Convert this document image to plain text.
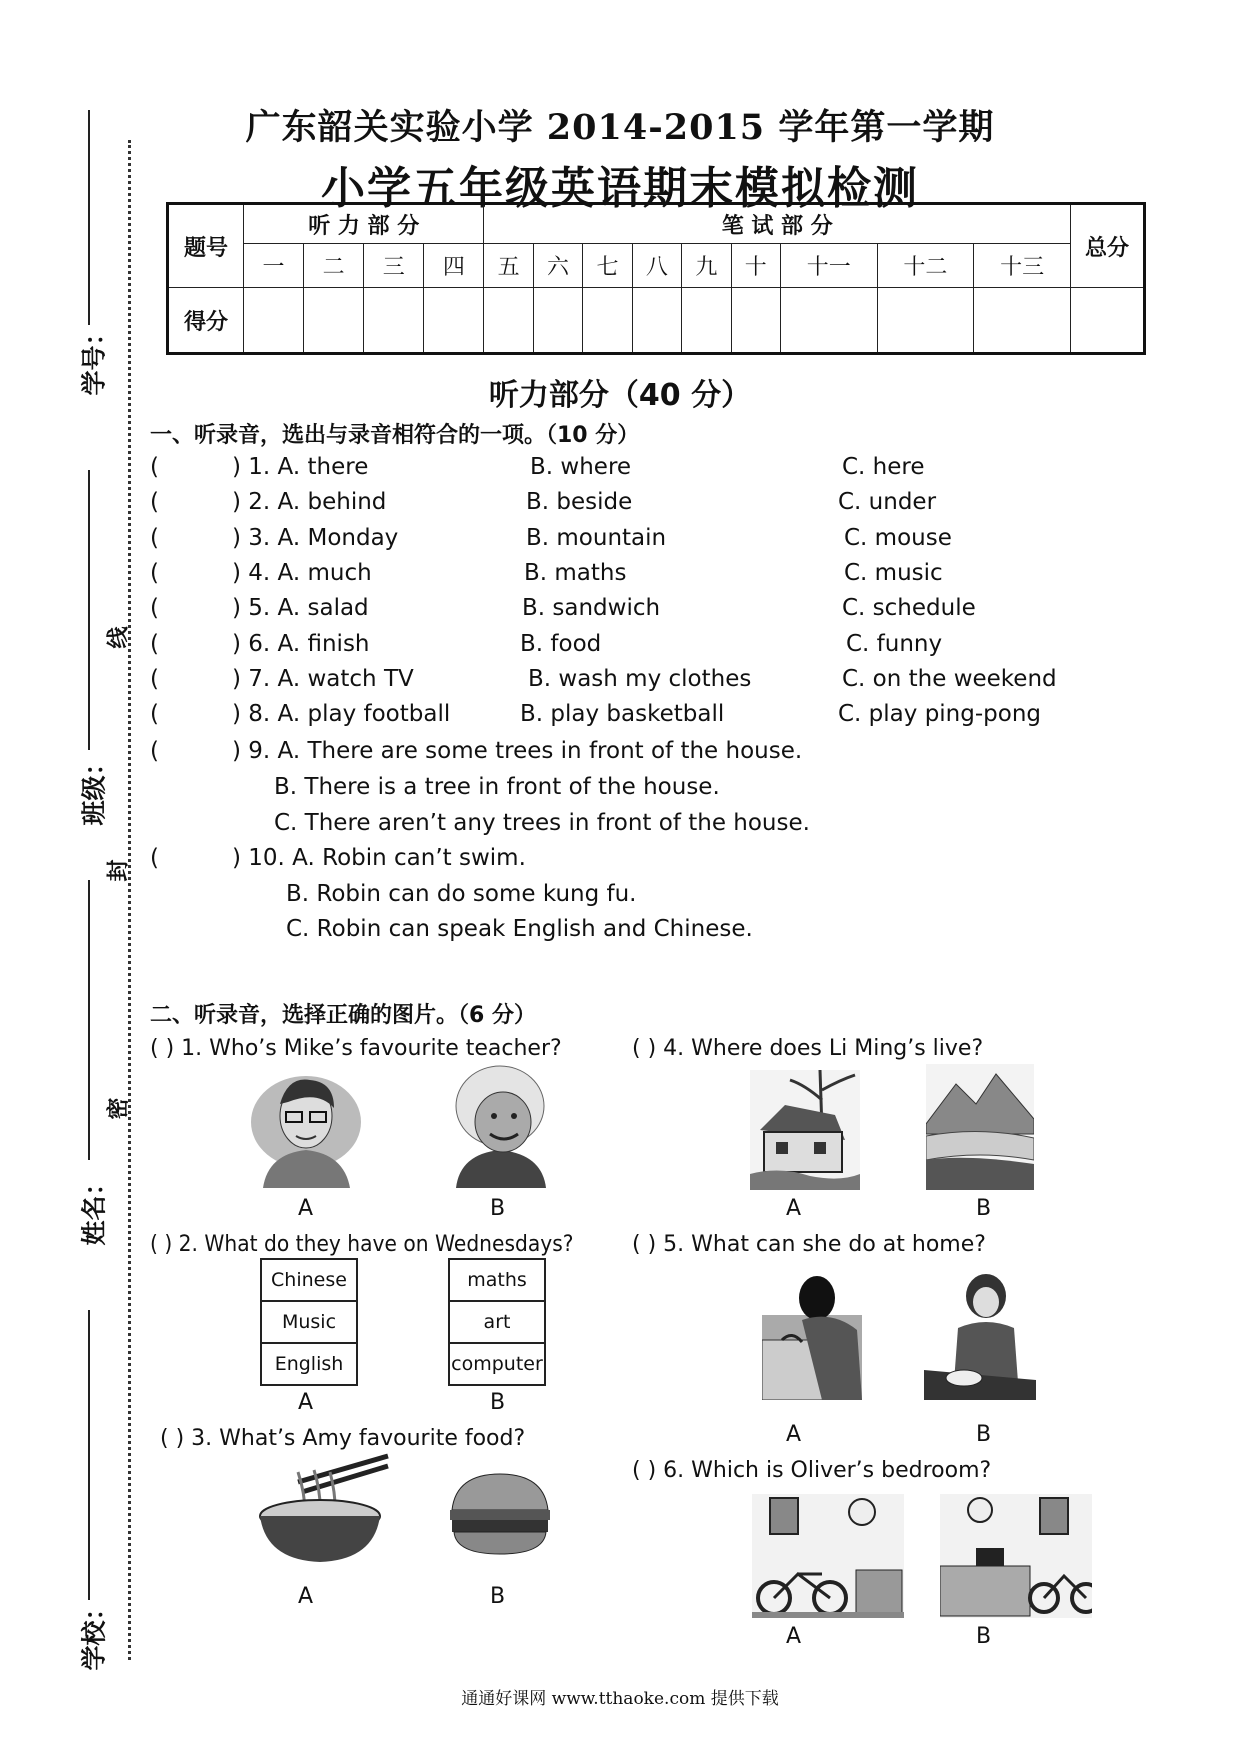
广东韶关实验小学 2014-2015 学年第一学期
小学五年级英语期末模拟检测
学号：
班级：
姓名：
学校：
线
封
密
题号	听 力 部 分				笔 试 部 分									总分
	一	二	三	四	五	六	七	八	九	十	十一	十二	十三	
得分														
听力部分（40 分）
一、听录音，选出与录音相符合的一项。（10 分）
(	) 1. A. there	B. where	C. here
(	) 2. A. behind	B. beside	C. under
(	) 3. A. Monday	B. mountain	C. mouse
(	) 4. A. much	B. maths	C. music
(	) 5. A. salad	B. sandwich	C. schedule
(	) 6. A. finish	B. food	C. funny
(	) 7. A. watch TV	B. wash my clothes	C. on the weekend
(	) 8. A. play football	B. play basketball	C. play ping-pong
(	) 9. A. There are some trees in front of the house.
B. There is a tree in front of the house.
C. There aren’t any trees in front of the house.
(	) 10. A. Robin can’t swim.
B. Robin can do some kung fu.
C. Robin can speak English and Chinese.
二、听录音，选择正确的图片。（6 分）
( ) 1. Who’s Mike’s favourite teacher?	( ) 4. Where does Li Ming’s live?
A	B	A	B
( ) 2. What do they have on Wednesdays?	( ) 5. What can she do at home?
Chinese
Music
English
maths
art
computer
A	B
A	B
( ) 3. What’s Amy favourite food?
A	B
( ) 6. Which is Oliver’s bedroom?
A	B
通通好课网 www.tthaoke.com 提供下载
